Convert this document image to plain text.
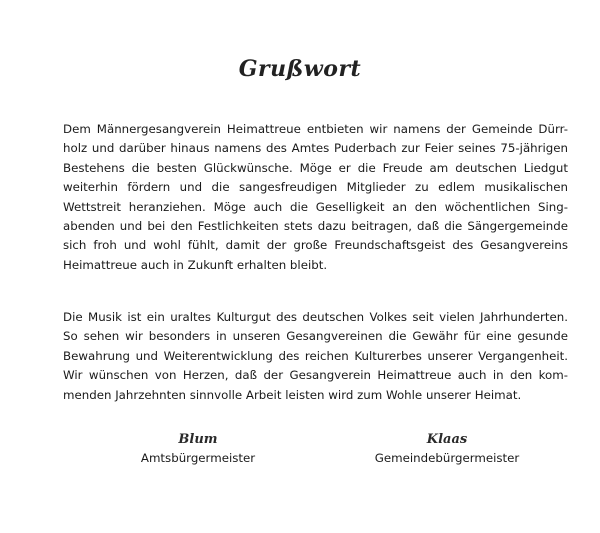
Grußwort

Dem Männergesangverein Heimattreue entbieten wir namens der Gemeinde Dürr-
holz und darüber hinaus namens des Amtes Puderbach zur Feier seines 75-jährigen
Bestehens die besten Glückwünsche. Möge er die Freude am deutschen Liedgut
weiterhin fördern und die sangesfreudigen Mitglieder zu edlem musikalischen
Wettstreit heranziehen. Möge auch die Geselligkeit an den wöchentlichen Sing-
abenden und bei den Festlichkeiten stets dazu beitragen, daß die Sängergemeinde
sich froh und wohl fühlt, damit der große Freundschaftsgeist des Gesangvereins
Heimattreue auch in Zukunft erhalten bleibt.

Die Musik ist ein uraltes Kulturgut des deutschen Volkes seit vielen Jahrhunderten.
So sehen wir besonders in unseren Gesangvereinen die Gewähr für eine gesunde
Bewahrung und Weiterentwicklung des reichen Kulturerbes unserer Vergangenheit.
Wir wünschen von Herzen, daß der Gesangverein Heimattreue auch in den kom-
menden Jahrzehnten sinnvolle Arbeit leisten wird zum Wohle unserer Heimat.

Blum
Amtsbürgermeister
Klaas
Gemeindebürgermeister
